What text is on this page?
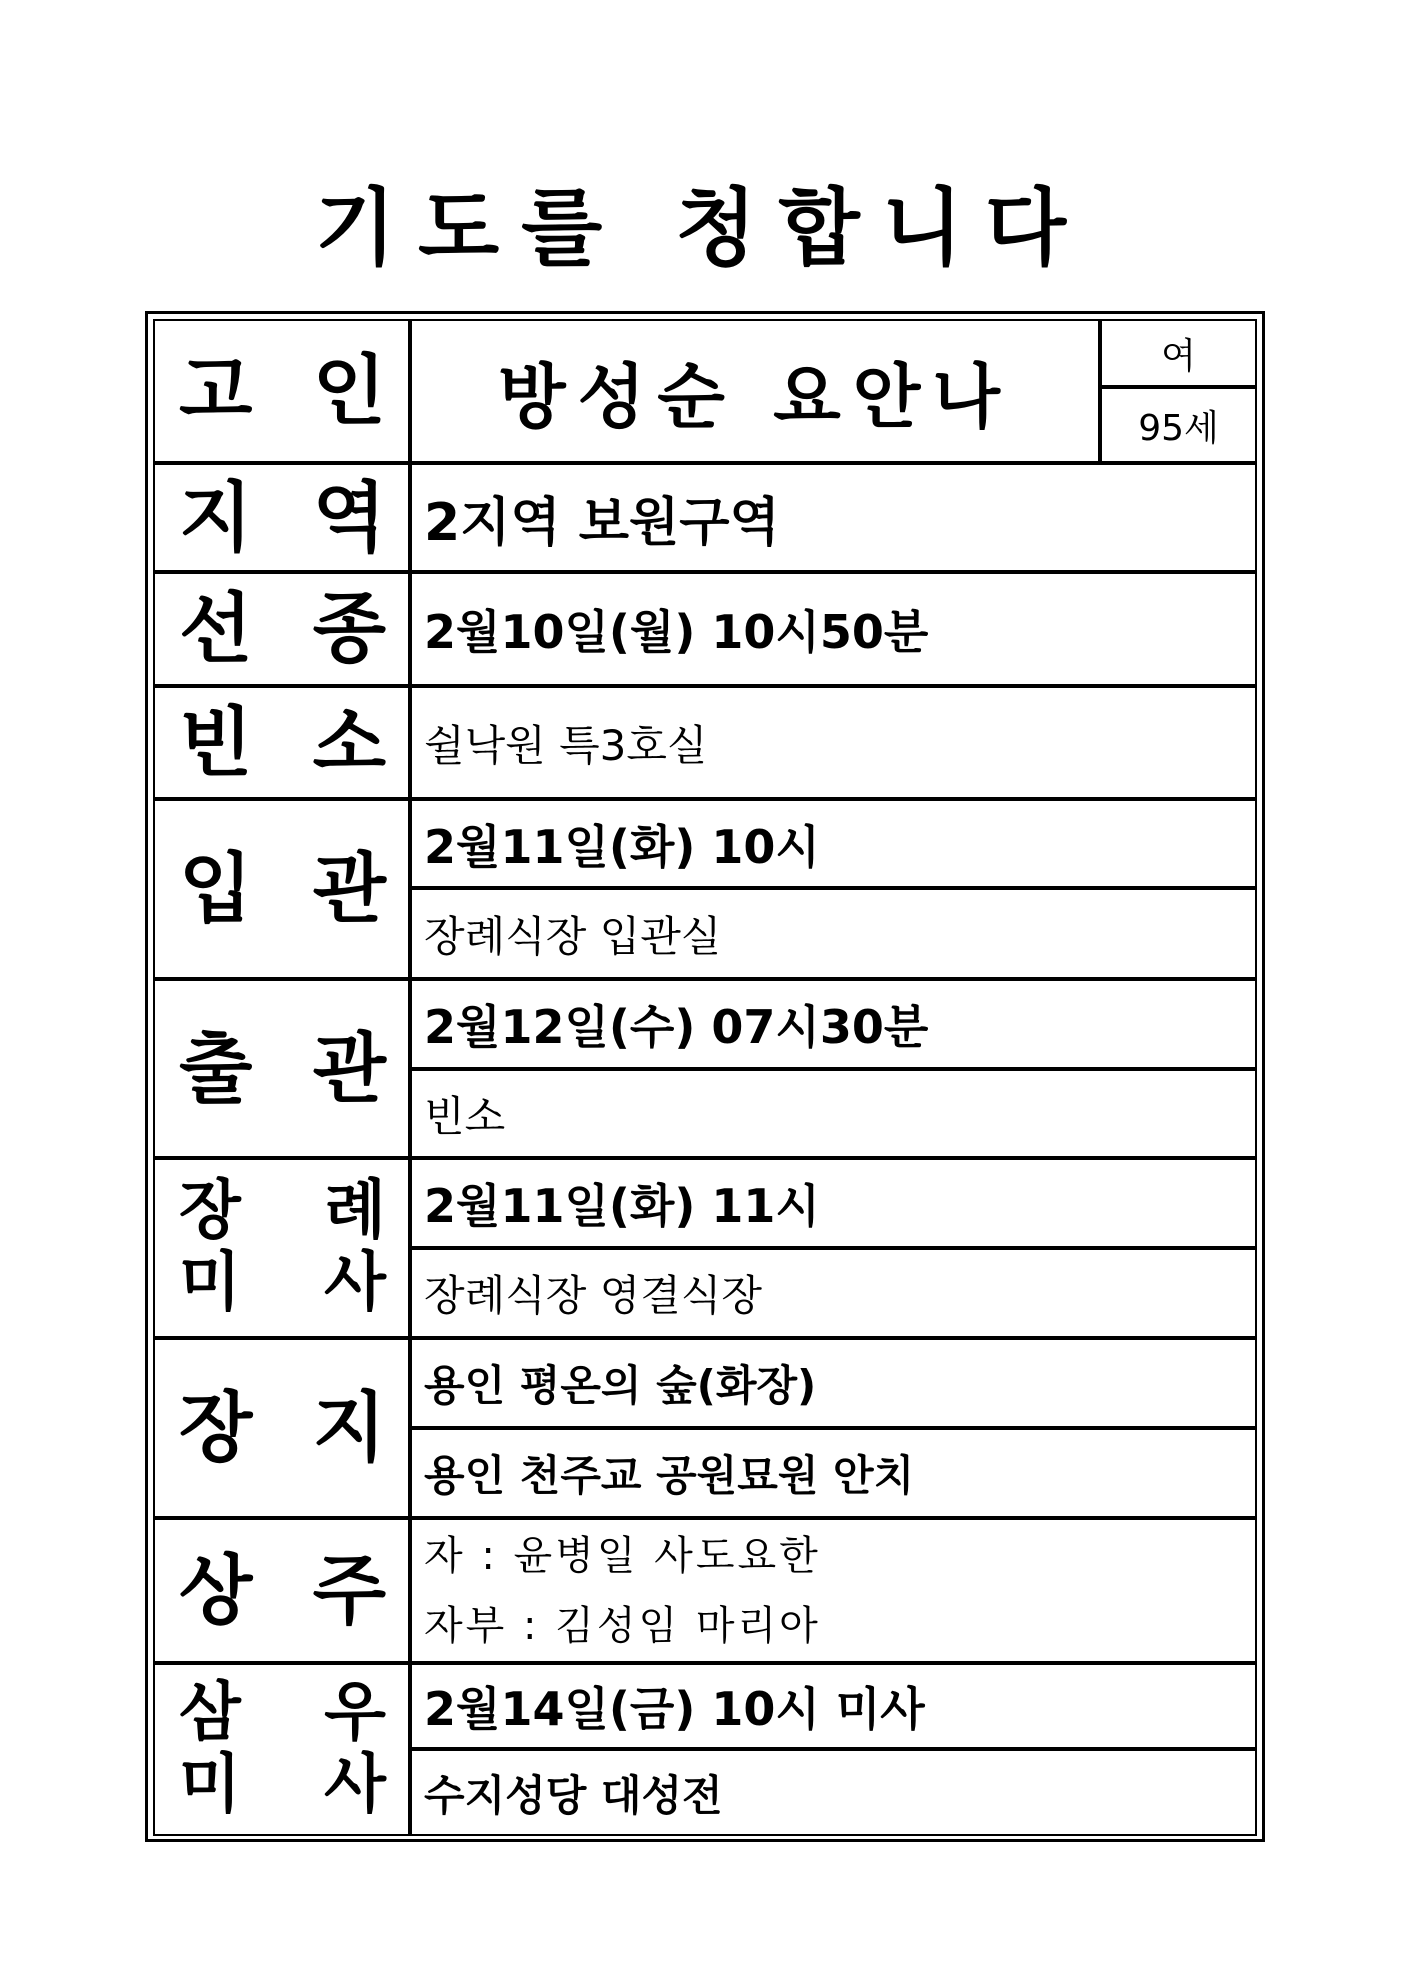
기도를 청합니다
고 인	방성순 요안나	여
95세
지 역 2지역 보원구역
선 종 2월10일(월) 10시50분
빈 소 쉴낙원 특3호실
입 관 2월11일(화) 10시
장례식장 입관실
출 관 2월12일(수) 07시30분
빈소
장 례
미 사
2월11일(화) 11시
장례식장 영결식장
장 지 용인 평온의 숲(화장)
용인 천주교 공원묘원 안치
상 주 자 : 윤병일 사도요한
자부 : 김성임 마리아
삼 우
미 사
2월14일(금) 10시 미사
수지성당 대성전
